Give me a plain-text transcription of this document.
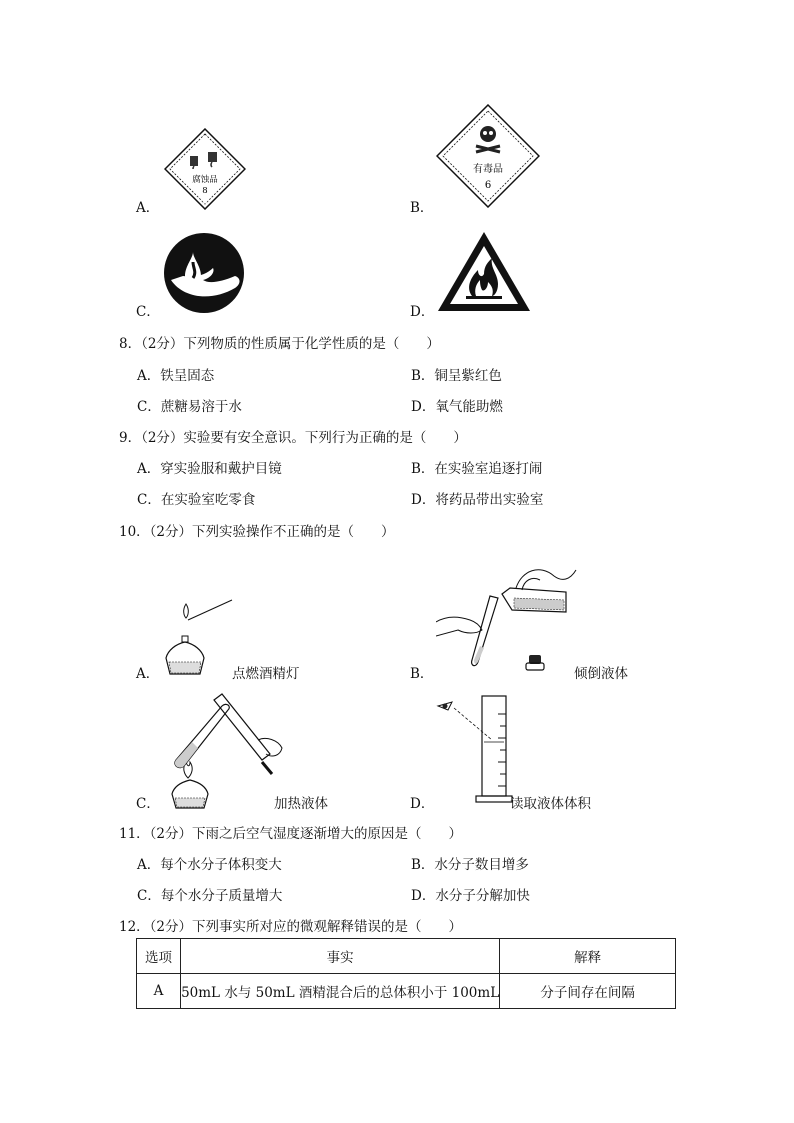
A．
腐蚀品
8
B．
有毒品
6
C．	D．
8．（2分）下列物质的性质属于化学性质的是（　　）
A．铁呈固态	B．铜呈紫红色
C．蔗糖易溶于水	D．氧气能助燃
9．（2分）实验要有安全意识。下列行为正确的是（　　）
A．穿实验服和戴护目镜	B．在实验室追逐打闹
C．在实验室吃零食	D．将药品带出实验室
10．（2分）下列实验操作不正确的是（　　）
A．	点燃酒精灯	B．	倾倒液体
C．	加热液体	D．	读取液体体积
11．（2分）下雨之后空气湿度逐渐增大的原因是（　　）
A．每个水分子体积变大	B．水分子数目增多
C．每个水分子质量增大	D．水分子分解加快
12．（2分）下列事实所对应的微观解释错误的是（　　）
选项	事实	解释
A	50mL 水与 50mL 酒精混合后的总体积小于 100mL	分子间存在间隔
